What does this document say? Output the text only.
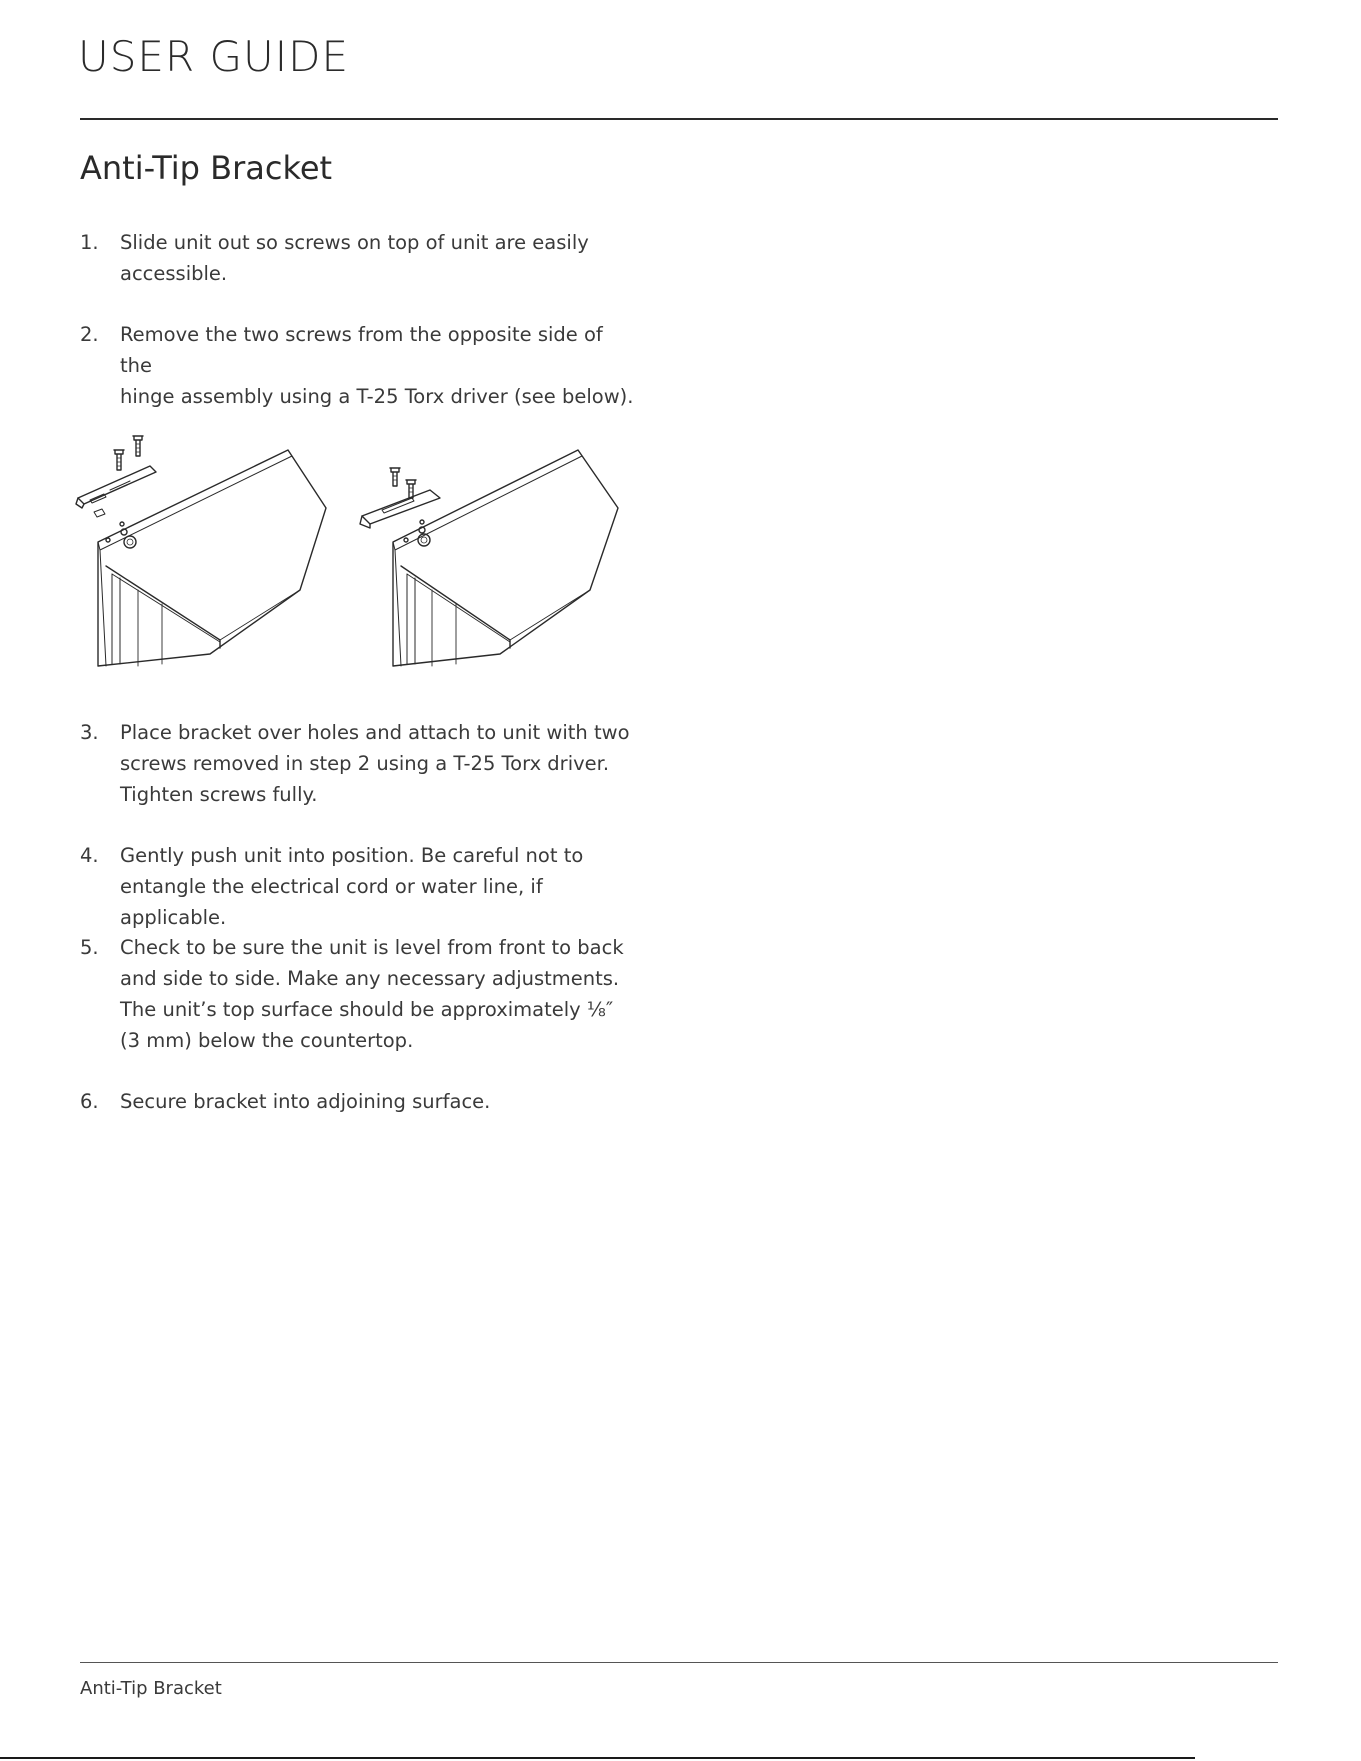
USER GUIDE
Anti-Tip Bracket
1.	Slide unit out so screws on top of unit are easily
accessible.
2.	Remove the two screws from the opposite side of the
hinge assembly using a T-25 Torx driver (see below).
3.	Place bracket over holes and attach to unit with two
screws removed in step 2 using a T-25 Torx driver.
Tighten screws fully.
4.	Gently push unit into position. Be careful not to
entangle the electrical cord or water line, if applicable.
5.	Check to be sure the unit is level from front to back
and side to side. Make any necessary adjustments.
The unit’s top surface should be approximately ⅛″
(3 mm) below the countertop.
6.	Secure bracket into adjoining surface.
Anti-Tip Bracket
